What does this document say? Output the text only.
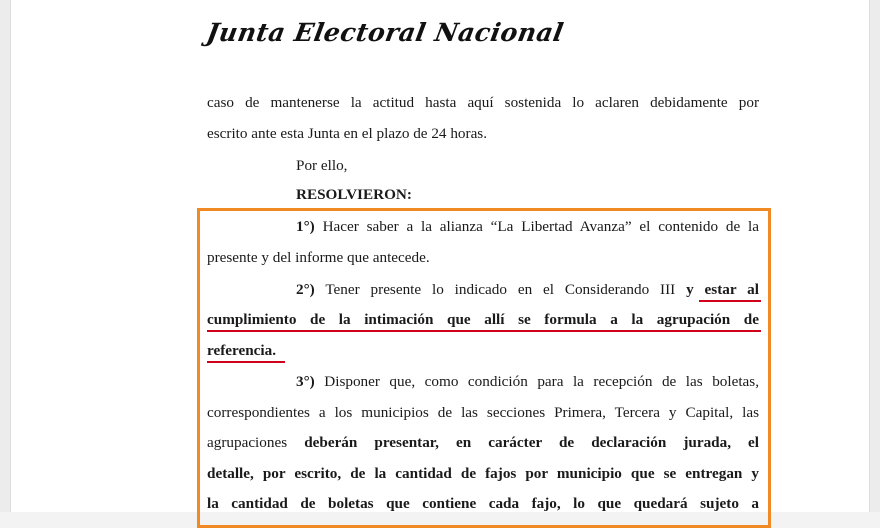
Junta Electoral Nacional
caso de mantenerse la actitud hasta aquí sostenida lo aclaren debidamente por
escrito ante esta Junta en el plazo de 24 horas.
Por ello,
RESOLVIERON:
1°) Hacer saber a la alianza “La Libertad Avanza” el contenido de la
presente y del informe que antecede.
2°) Tener presente lo indicado en el Considerando III y estar al
cumplimiento de la intimación que allí se formula a la agrupación de
referencia.
3°) Disponer que, como condición para la recepción de las boletas,
correspondientes a los municipios de las secciones Primera, Tercera y Capital, las
agrupaciones deberán presentar, en carácter de declaración jurada, el
detalle, por escrito, de la cantidad de fajos por municipio que se entregan y
la cantidad de boletas que contiene cada fajo, lo que quedará sujeto a
